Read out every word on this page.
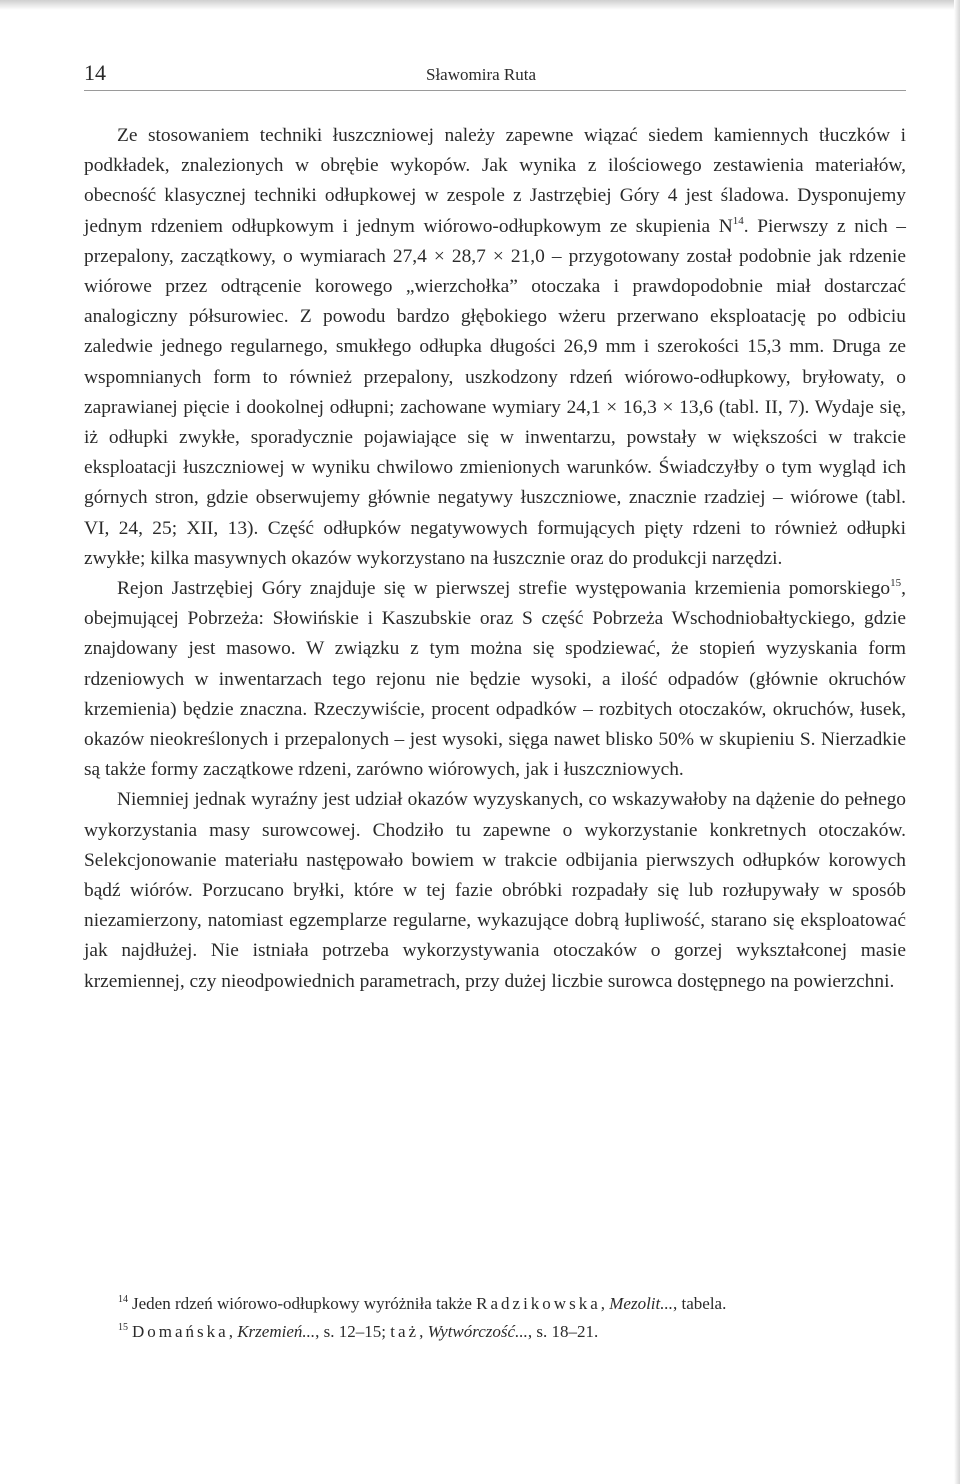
14	Sławomira Ruta

Ze stosowaniem techniki łuszczniowej należy zapewne wiązać siedem kamiennych tłuczków i podkładek, znalezionych w obrębie wykopów. Jak wynika z ilościowego zestawienia materiałów, obecność klasycznej techniki odłupkowej w zespole z Jastrzębiej Góry 4 jest śladowa. Dysponujemy jednym rdzeniem odłupkowym i jednym wiórowo-odłupkowym ze skupienia $N^{14}$. Pierwszy z nich – przepalony, zaczątkowy, o wymiarach 27,4 × 28,7 × 21,0 – przygotowany został podobnie jak rdzenie wiórowe przez odtrącenie korowego „wierzchołka” otoczaka i prawdopodobnie miał dostarczać analogiczny półsurowiec. Z powodu bardzo głębokiego wżeru przerwano eksploatację po odbiciu zaledwie jednego regularnego, smukłego odłupka długości 26,9 mm i szerokości 15,3 mm. Druga ze wspomnianych form to również przepalony, uszkodzony rdzeń wiórowo-odłupkowy, bryłowaty, o zaprawianej pięcie i dookolnej odłupni; zachowane wymiary 24,1 × 16,3 × 13,6 (tabl. II, 7). Wydaje się, iż odłupki zwykłe, sporadycznie pojawiające się w inwentarzu, powstały w większości w trakcie eksploatacji łuszczniowej w wyniku chwilowo zmienionych warunków. Świadczyłby o tym wygląd ich górnych stron, gdzie obserwujemy głównie negatywy łuszczniowe, znacznie rzadziej – wiórowe (tabl. VI, 24, 25; XII, 13). Część odłupków negatywowych formujących pięty rdzeni to również odłupki zwykłe; kilka masywnych okazów wykorzystano na łuszcznie oraz do produkcji narzędzi.

Rejon Jastrzębiej Góry znajduje się w pierwszej strefie występowania krzemienia pomorskiego$^{15}$, obejmującej Pobrzeża: Słowińskie i Kaszubskie oraz S część Pobrzeża Wschodniobałtyckiego, gdzie znajdowany jest masowo. W związku z tym można się spodziewać, że stopień wyzyskania form rdzeniowych w inwentarzach tego rejonu nie będzie wysoki, a ilość odpadów (głównie okruchów krzemienia) będzie znaczna. Rzeczywiście, procent odpadków – rozbitych otoczaków, okruchów, łusek, okazów nieokreślonych i przepalonych – jest wysoki, sięga nawet blisko 50% w skupieniu S. Nierzadkie są także formy zaczątkowe rdzeni, zarówno wiórowych, jak i łuszczniowych.

Niemniej jednak wyraźny jest udział okazów wyzyskanych, co wskazywałoby na dążenie do pełnego wykorzystania masy surowcowej. Chodziło tu zapewne o wykorzystanie konkretnych otoczaków. Selekcjonowanie materiału następowało bowiem w trakcie odbijania pierwszych odłupków korowych bądź wiórów. Porzucano bryłki, które w tej fazie obróbki rozpadały się lub rozłupywały w sposób niezamierzony, natomiast egzemplarze regularne, wykazujące dobrą łupliwość, starano się eksploatować jak najdłużej. Nie istniała potrzeba wykorzystywania otoczaków o gorzej wykształconej masie krzemiennej, czy nieodpowiednich parametrach, przy dużej liczbie surowca dostępnego na powierzchni.

$^{14}$ Jeden rdzeń wiórowo-odłupkowy wyróżniła także Radzikowska, Mezolit..., tabela.
$^{15}$ Domańska, Krzemień..., s. 12–15; taż, Wytwórczość..., s. 18–21.
